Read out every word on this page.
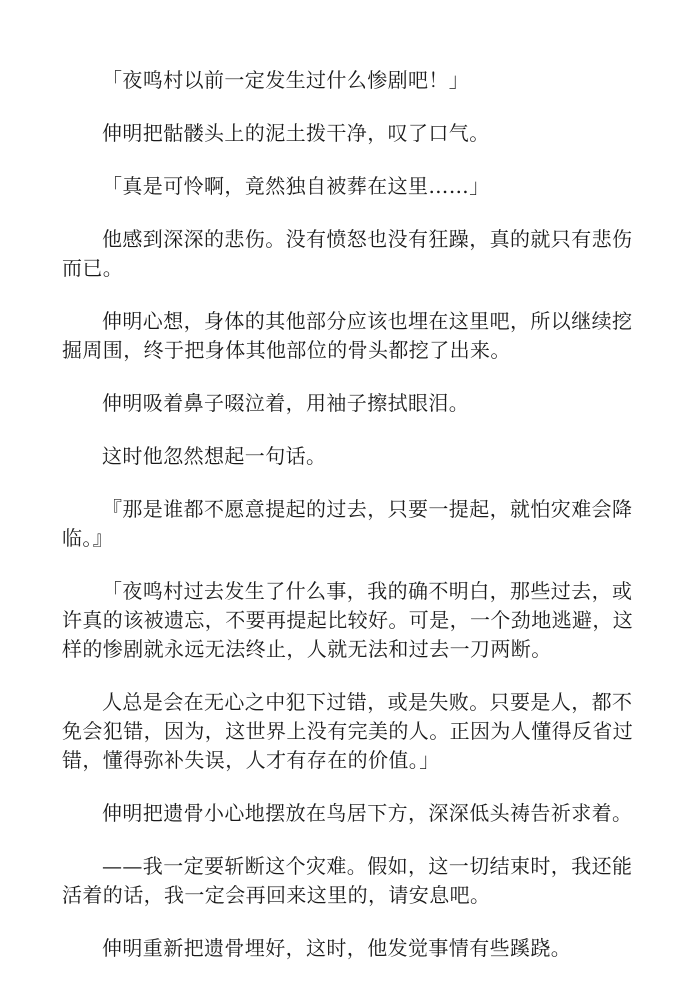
「夜鸣村以前一定发生过什么惨剧吧！」

伸明把骷髅头上的泥土拨干净，叹了口气。

「真是可怜啊，竟然独自被葬在这里……」

他感到深深的悲伤。没有愤怒也没有狂躁，真的就只有悲伤而已。

伸明心想，身体的其他部分应该也埋在这里吧，所以继续挖掘周围，终于把身体其他部位的骨头都挖了出来。

伸明吸着鼻子啜泣着，用袖子擦拭眼泪。

这时他忽然想起一句话。

『那是谁都不愿意提起的过去，只要一提起，就怕灾难会降临。』

「夜鸣村过去发生了什么事，我的确不明白，那些过去，或许真的该被遗忘，不要再提起比较好。可是，一个劲地逃避，这样的惨剧就永远无法终止，人就无法和过去一刀两断。

人总是会在无心之中犯下过错，或是失败。只要是人，都不免会犯错，因为，这世界上没有完美的人。正因为人懂得反省过错，懂得弥补失误，人才有存在的价值。」

伸明把遗骨小心地摆放在鸟居下方，深深低头祷告祈求着。

——我一定要斩断这个灾难。假如，这一切结束时，我还能活着的话，我一定会再回来这里的，请安息吧。

伸明重新把遗骨埋好，这时，他发觉事情有些蹊跷。
